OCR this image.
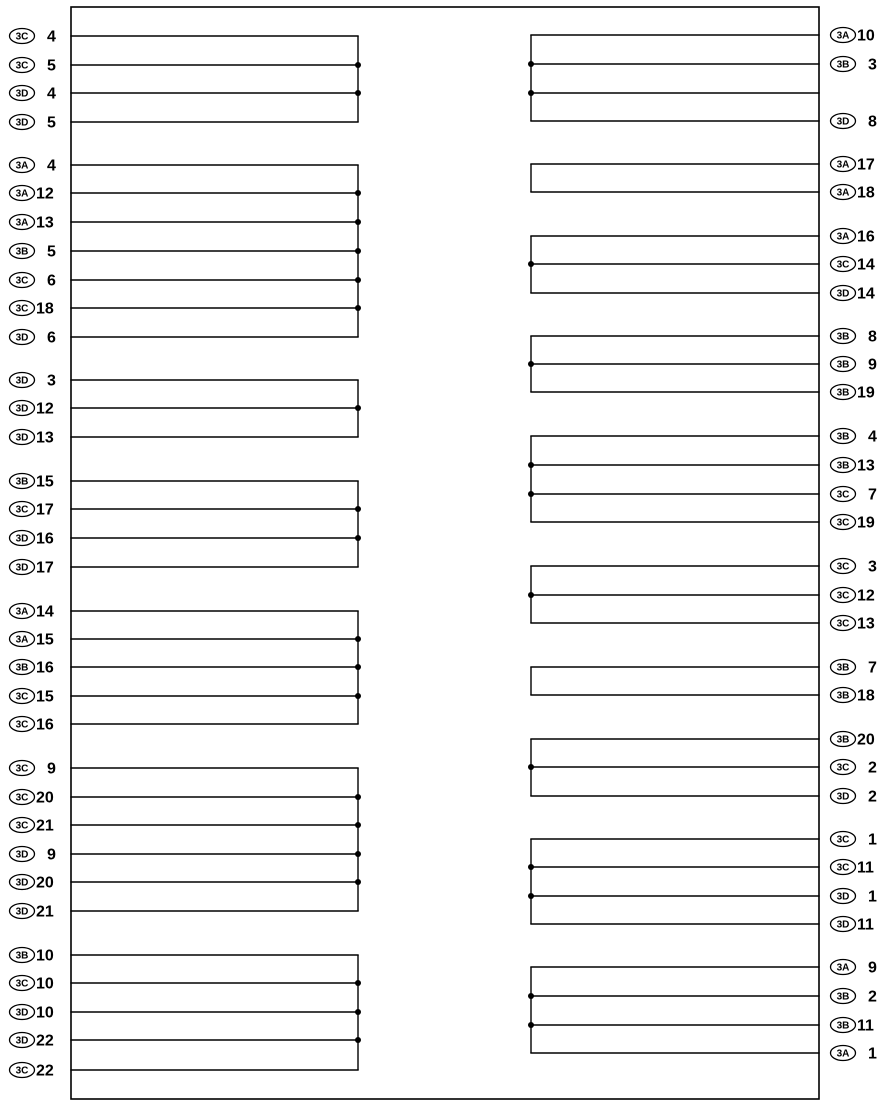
3C 4
3C 5
3D 4
3D 5
3A 4
3A 12
3A 13
3B 5
3C 6
3C 18
3D 6
3D 3
3D 12
3D 13
3B 15
3C 17
3D 16
3D 17
3A 14
3A 15
3B 16
3C 15
3C 16
3C 9
3C 20
3C 21
3D 9
3D 20
3D 21
3B 10
3C 10
3D 10
3D 22
3C 22
3A 10
3B 3
3D 8
3A 17
3A 18
3A 16
3C 14
3D 14
3B 8
3B 9
3B 19
3B 4
3B 13
3C 7
3C 19
3C 3
3C 12
3C 13
3B 7
3B 18
3B 20
3C 2
3D 2
3C 1
3C 11
3D 1
3D 11
3A 9
3B 2
3B 11
3A 1
